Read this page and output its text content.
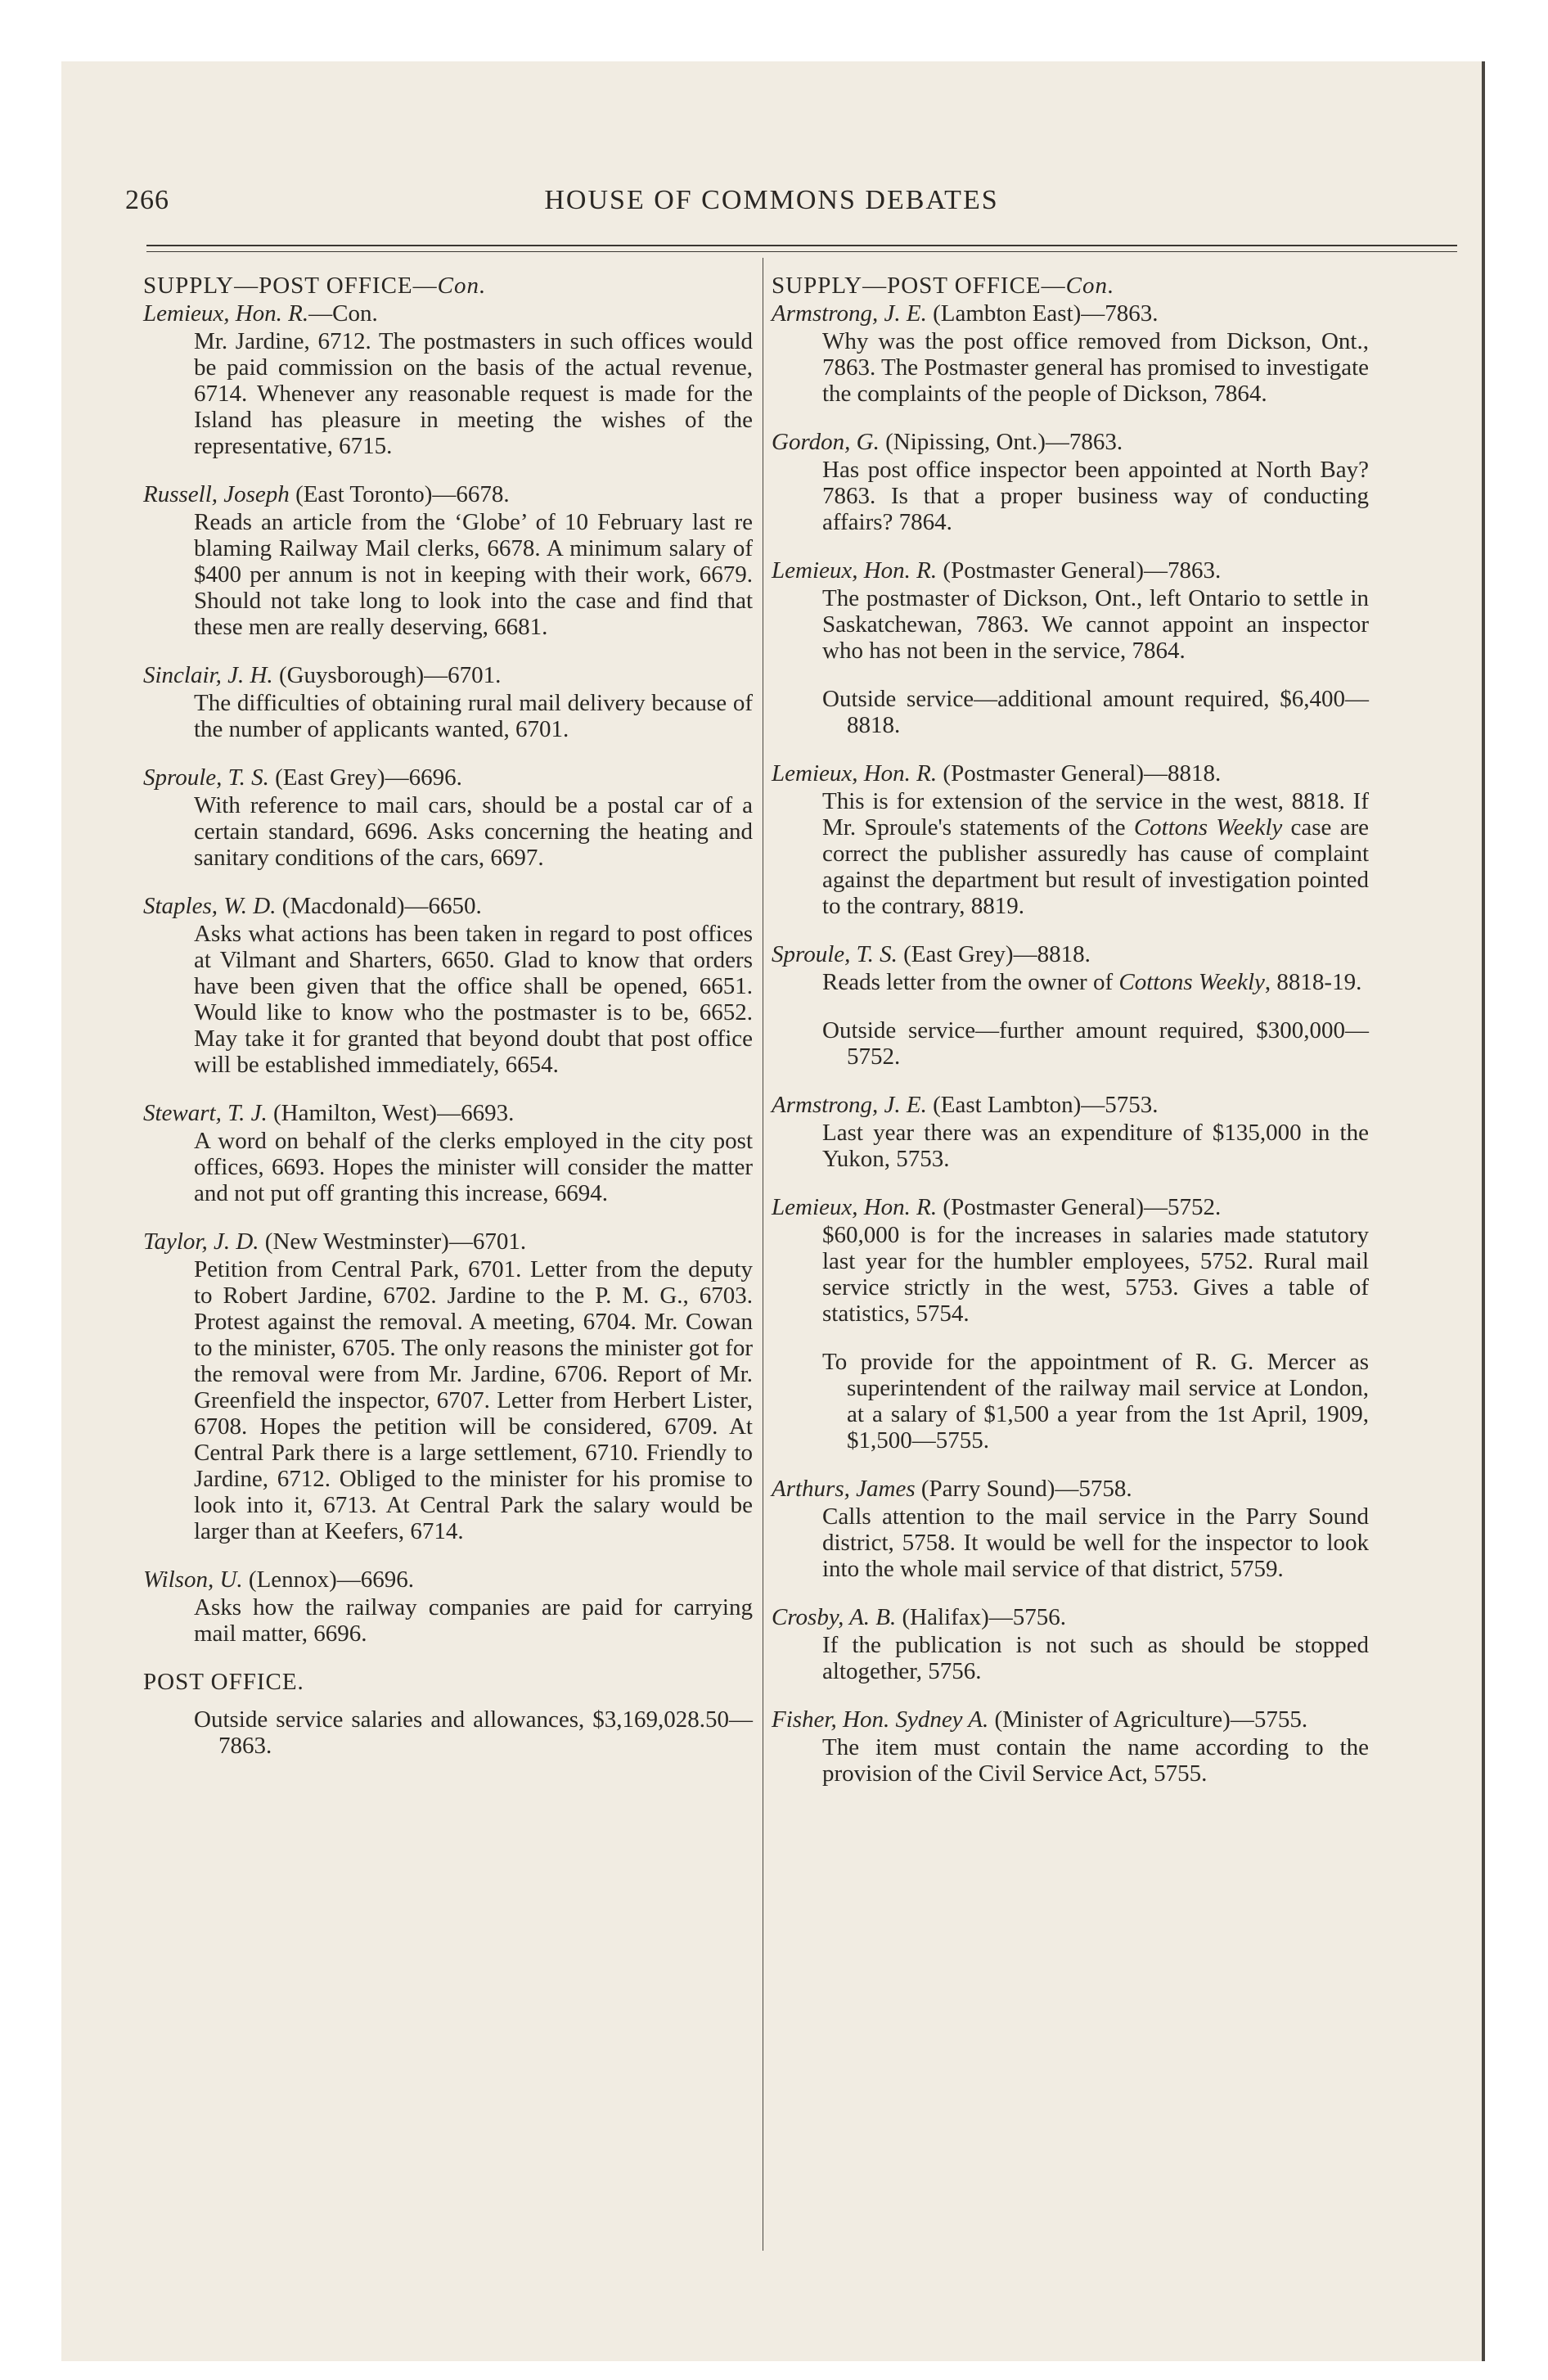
266	HOUSE OF COMMONS DEBATES
SUPPLY—POST OFFICE—Con.

Lemieux, Hon. R.—Con.

Mr. Jardine, 6712. The postmasters in such offices would be paid commission on the basis of the actual revenue, 6714. Whenever any reasonable request is made for the Island has pleasure in meeting the wishes of the representative, 6715.

Russell, Joseph (East Toronto)—6678.

Reads an article from the ‘Globe’ of 10 February last re blaming Railway Mail clerks, 6678. A minimum salary of $400 per annum is not in keeping with their work, 6679. Should not take long to look into the case and find that these men are really deserving, 6681.

Sinclair, J. H. (Guysborough)—6701.

The difficulties of obtaining rural mail delivery because of the number of applicants wanted, 6701.

Sproule, T. S. (East Grey)—6696.

With reference to mail cars, should be a postal car of a certain standard, 6696. Asks concerning the heating and sanitary conditions of the cars, 6697.

Staples, W. D. (Macdonald)—6650.

Asks what actions has been taken in regard to post offices at Vilmant and Sharters, 6650. Glad to know that orders have been given that the office shall be opened, 6651. Would like to know who the postmaster is to be, 6652. May take it for granted that beyond doubt that post office will be established immediately, 6654.

Stewart, T. J. (Hamilton, West)—6693.

A word on behalf of the clerks employed in the city post offices, 6693. Hopes the minister will consider the matter and not put off granting this increase, 6694.

Taylor, J. D. (New Westminster)—6701.

Petition from Central Park, 6701. Letter from the deputy to Robert Jardine, 6702. Jardine to the P. M. G., 6703. Protest against the removal. A meeting, 6704. Mr. Cowan to the minister, 6705. The only reasons the minister got for the removal were from Mr. Jardine, 6706. Report of Mr. Greenfield the inspector, 6707. Letter from Herbert Lister, 6708. Hopes the petition will be considered, 6709. At Central Park there is a large settlement, 6710. Friendly to Jardine, 6712. Obliged to the minister for his promise to look into it, 6713. At Central Park the salary would be larger than at Keefers, 6714.

Wilson, U. (Lennox)—6696.

Asks how the railway companies are paid for carrying mail matter, 6696.

POST OFFICE.
Outside service salaries and allowances, $3,169,028.50—7863.
SUPPLY—POST OFFICE—Con.

Armstrong, J. E. (Lambton East)—7863.

Why was the post office removed from Dickson, Ont., 7863. The Postmaster general has promised to investigate the complaints of the people of Dickson, 7864.

Gordon, G. (Nipissing, Ont.)—7863.

Has post office inspector been appointed at North Bay? 7863. Is that a proper business way of conducting affairs? 7864.

Lemieux, Hon. R. (Postmaster General)—7863.

The postmaster of Dickson, Ont., left Ontario to settle in Saskatchewan, 7863. We cannot appoint an inspector who has not been in the service, 7864.

Outside service—additional amount required, $6,400—8818.

Lemieux, Hon. R. (Postmaster General)—8818.

This is for extension of the service in the west, 8818. If Mr. Sproule's statements of the Cottons Weekly case are correct the publisher assuredly has cause of complaint against the department but result of investigation pointed to the contrary, 8819.

Sproule, T. S. (East Grey)—8818.

Reads letter from the owner of Cottons Weekly, 8818-19.

Outside service—further amount required, $300,000—5752.

Armstrong, J. E. (East Lambton)—5753.

Last year there was an expenditure of $135,000 in the Yukon, 5753.

Lemieux, Hon. R. (Postmaster General)—5752.

$60,000 is for the increases in salaries made statutory last year for the humbler employees, 5752. Rural mail service strictly in the west, 5753. Gives a table of statistics, 5754.

To provide for the appointment of R. G. Mercer as superintendent of the railway mail service at London, at a salary of $1,500 a year from the 1st April, 1909, $1,500—5755.

Arthurs, James (Parry Sound)—5758.

Calls attention to the mail service in the Parry Sound district, 5758. It would be well for the inspector to look into the whole mail service of that district, 5759.

Crosby, A. B. (Halifax)—5756.

If the publication is not such as should be stopped altogether, 5756.

Fisher, Hon. Sydney A. (Minister of Agriculture)—5755.

The item must contain the name according to the provision of the Civil Service Act, 5755.
